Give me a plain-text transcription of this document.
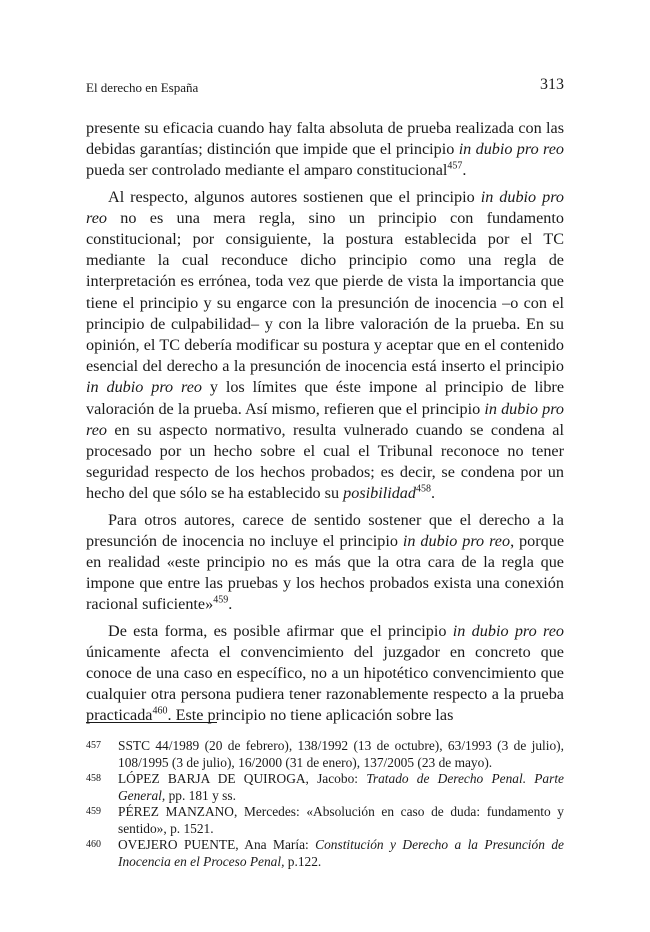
El derecho en España	313

presente su eficacia cuando hay falta absoluta de prueba realizada con las debidas garantías; distinción que impide que el principio in dubio pro reo pueda ser controlado mediante el amparo constitucional$^{457}$.

Al respecto, algunos autores sostienen que el principio in dubio pro reo no es una mera regla, sino un principio con fundamento constitucional; por consiguiente, la postura establecida por el TC mediante la cual reconduce dicho principio como una regla de interpretación es errónea, toda vez que pierde de vista la importancia que tiene el principio y su engarce con la presunción de inocencia –o con el principio de culpabilidad– y con la libre valoración de la prueba. En su opinión, el TC debería modificar su postura y aceptar que en el contenido esencial del derecho a la presunción de inocencia está inserto el principio in dubio pro reo y los límites que éste impone al principio de libre valoración de la prueba. Así mismo, refieren que el principio in dubio pro reo en su aspecto normativo, resulta vulnerado cuando se condena al procesado por un hecho sobre el cual el Tribunal reconoce no tener seguridad respecto de los hechos probados; es decir, se condena por un hecho del que sólo se ha establecido su posibilidad$^{458}$.

Para otros autores, carece de sentido sostener que el derecho a la presunción de inocencia no incluye el principio in dubio pro reo, porque en realidad «este principio no es más que la otra cara de la regla que impone que entre las pruebas y los hechos probados exista una conexión racional suficiente»$^{459}$.

De esta forma, es posible afirmar que el principio in dubio pro reo únicamente afecta el convencimiento del juzgador en concreto que conoce de una caso en específico, no a un hipotético convencimiento que cualquier otra persona pudiera tener razonablemente respecto a la prueba practicada$^{460}$. Este principio no tiene aplicación sobre las

457	SSTC 44/1989 (20 de febrero), 138/1992 (13 de octubre), 63/1993 (3 de julio), 108/1995 (3 de julio), 16/2000 (31 de enero), 137/2005 (23 de mayo).
458	LÓPEZ BARJA DE QUIROGA, Jacobo: Tratado de Derecho Penal. Parte General, pp. 181 y ss.
459	PÉREZ MANZANO, Mercedes: «Absolución en caso de duda: fundamento y sentido», p. 1521.
460	OVEJERO PUENTE, Ana María: Constitución y Derecho a la Presunción de Inocencia en el Proceso Penal, p.122.
